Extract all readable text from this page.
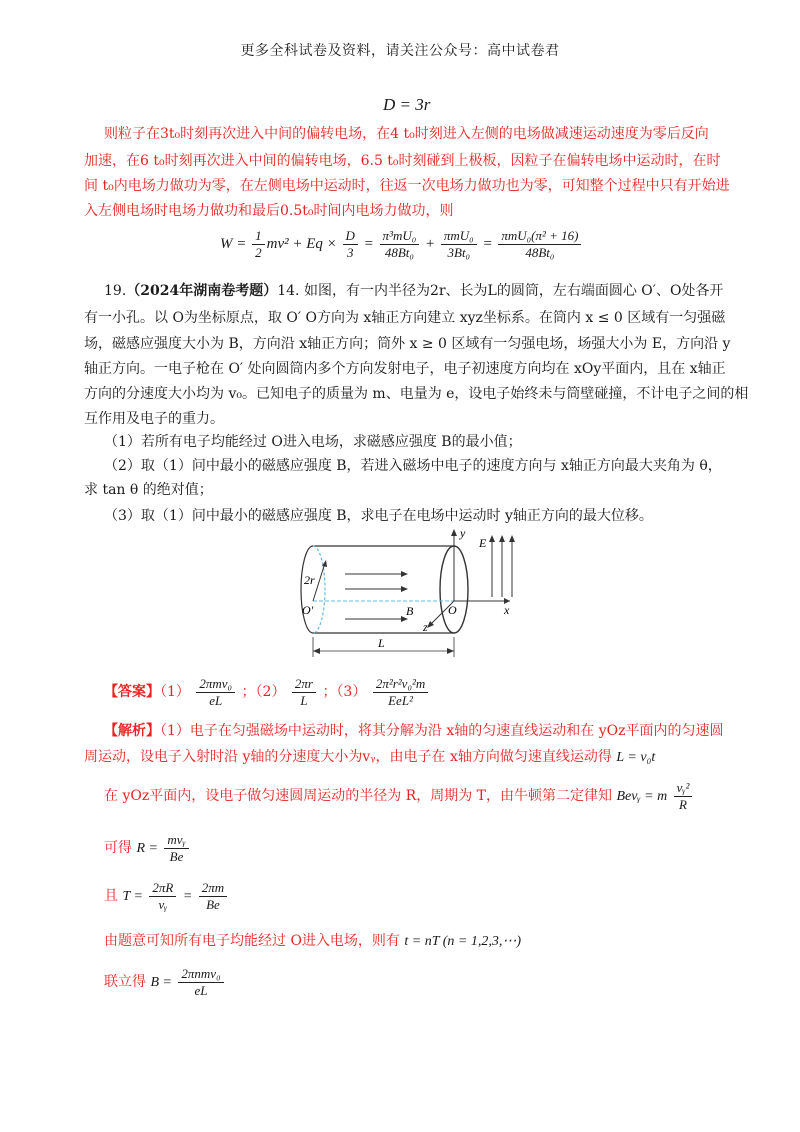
更多全科试卷及资料，请关注公众号：高中试卷君
D = 3r
则粒子在3t₀时刻再次进入中间的偏转电场，在4 t₀时刻进入左侧的电场做减速运动速度为零后反向
加速，在6 t₀时刻再次进入中间的偏转电场，6.5 t₀时刻碰到上极板，因粒子在偏转电场中运动时，在时
间 t₀内电场力做功为零，在左侧电场中运动时，往返一次电场力做功也为零，可知整个过程中只有开始进
入左侧电场时电场力做功和最后0.5t₀时间内电场力做功，则
$W = \frac{1}{2} mv^2 + Eq \times \frac{D}{3} = \frac{\text{π³mU₀}}{\text{48Bt₀}} + \frac{\text{πmU₀}}{\text{3Bt₀}} = \frac{\text{πmU₀(π² + 16)}}{\text{48Bt₀}}$
19.（2024年湖南卷考题）14. 如图，有一内半径为2r、长为L的圆筒，左右端面圆心 O′、O处各开
有一小孔。以 O为坐标原点，取 O′ O方向为 x轴正方向建立 xyz坐标系。在筒内 x ≤ 0 区域有一匀强磁
场，磁感应强度大小为 B，方向沿 x轴正方向；筒外 x ≥ 0 区域有一匀强电场，场强大小为 E，方向沿 y
轴正方向。一电子枪在 O′ 处向圆筒内多个方向发射电子，电子初速度方向均在 xOy平面内，且在 x轴正
方向的分速度大小均为 v₀。已知电子的质量为 m、电量为 e，设电子始终未与筒壁碰撞，不计电子之间的相
互作用及电子的重力。
（1）若所有电子均能经过 O进入电场，求磁感应强度 B的最小值；
（2）取（1）问中最小的磁感应强度 B，若进入磁场中电子的速度方向与 x轴正方向最大夹角为 θ，
求 tan θ 的绝对值；
（3）取（1）问中最小的磁感应强度 B，求电子在电场中运动时 y轴正方向的最大位移。
y
E
x
O
O′
2r
B
z
L
【答案】$(1) \frac{\text{2πmv₀}}{eL}$ ；$(2) \frac{2\pi r}{L}$ ；$(3) \frac{\text{2π²r²v₀²m}}{\text{EeL²}}$
【解析】（1）电子在匀强磁场中运动时，将其分解为沿 x轴的匀速直线运动和在 yOz平面内的匀速圆
周运动，设电子入射时沿 y轴的分速度大小为vᵧ，由电子在 x轴方向做匀速直线运动得 L = v₀t
在 yOz平面内，设电子做匀速圆周运动的半径为 R，周期为 T，由牛顿第二定律知 Bevᵧ = m $\frac{\text{vᵧ²}}{R}$
可得 $R = \frac{\text{mvᵧ}}{Be}$
且 $T = \frac{2\pi R}{\text{vᵧ}} = \frac{2\pi m}{Be}$
由题意可知所有电子均能经过 O进入电场，则有 t = nT (n = 1,2,3,⋯)
联立得 $B = \frac{\text{2πnmv₀}}{eL}$
